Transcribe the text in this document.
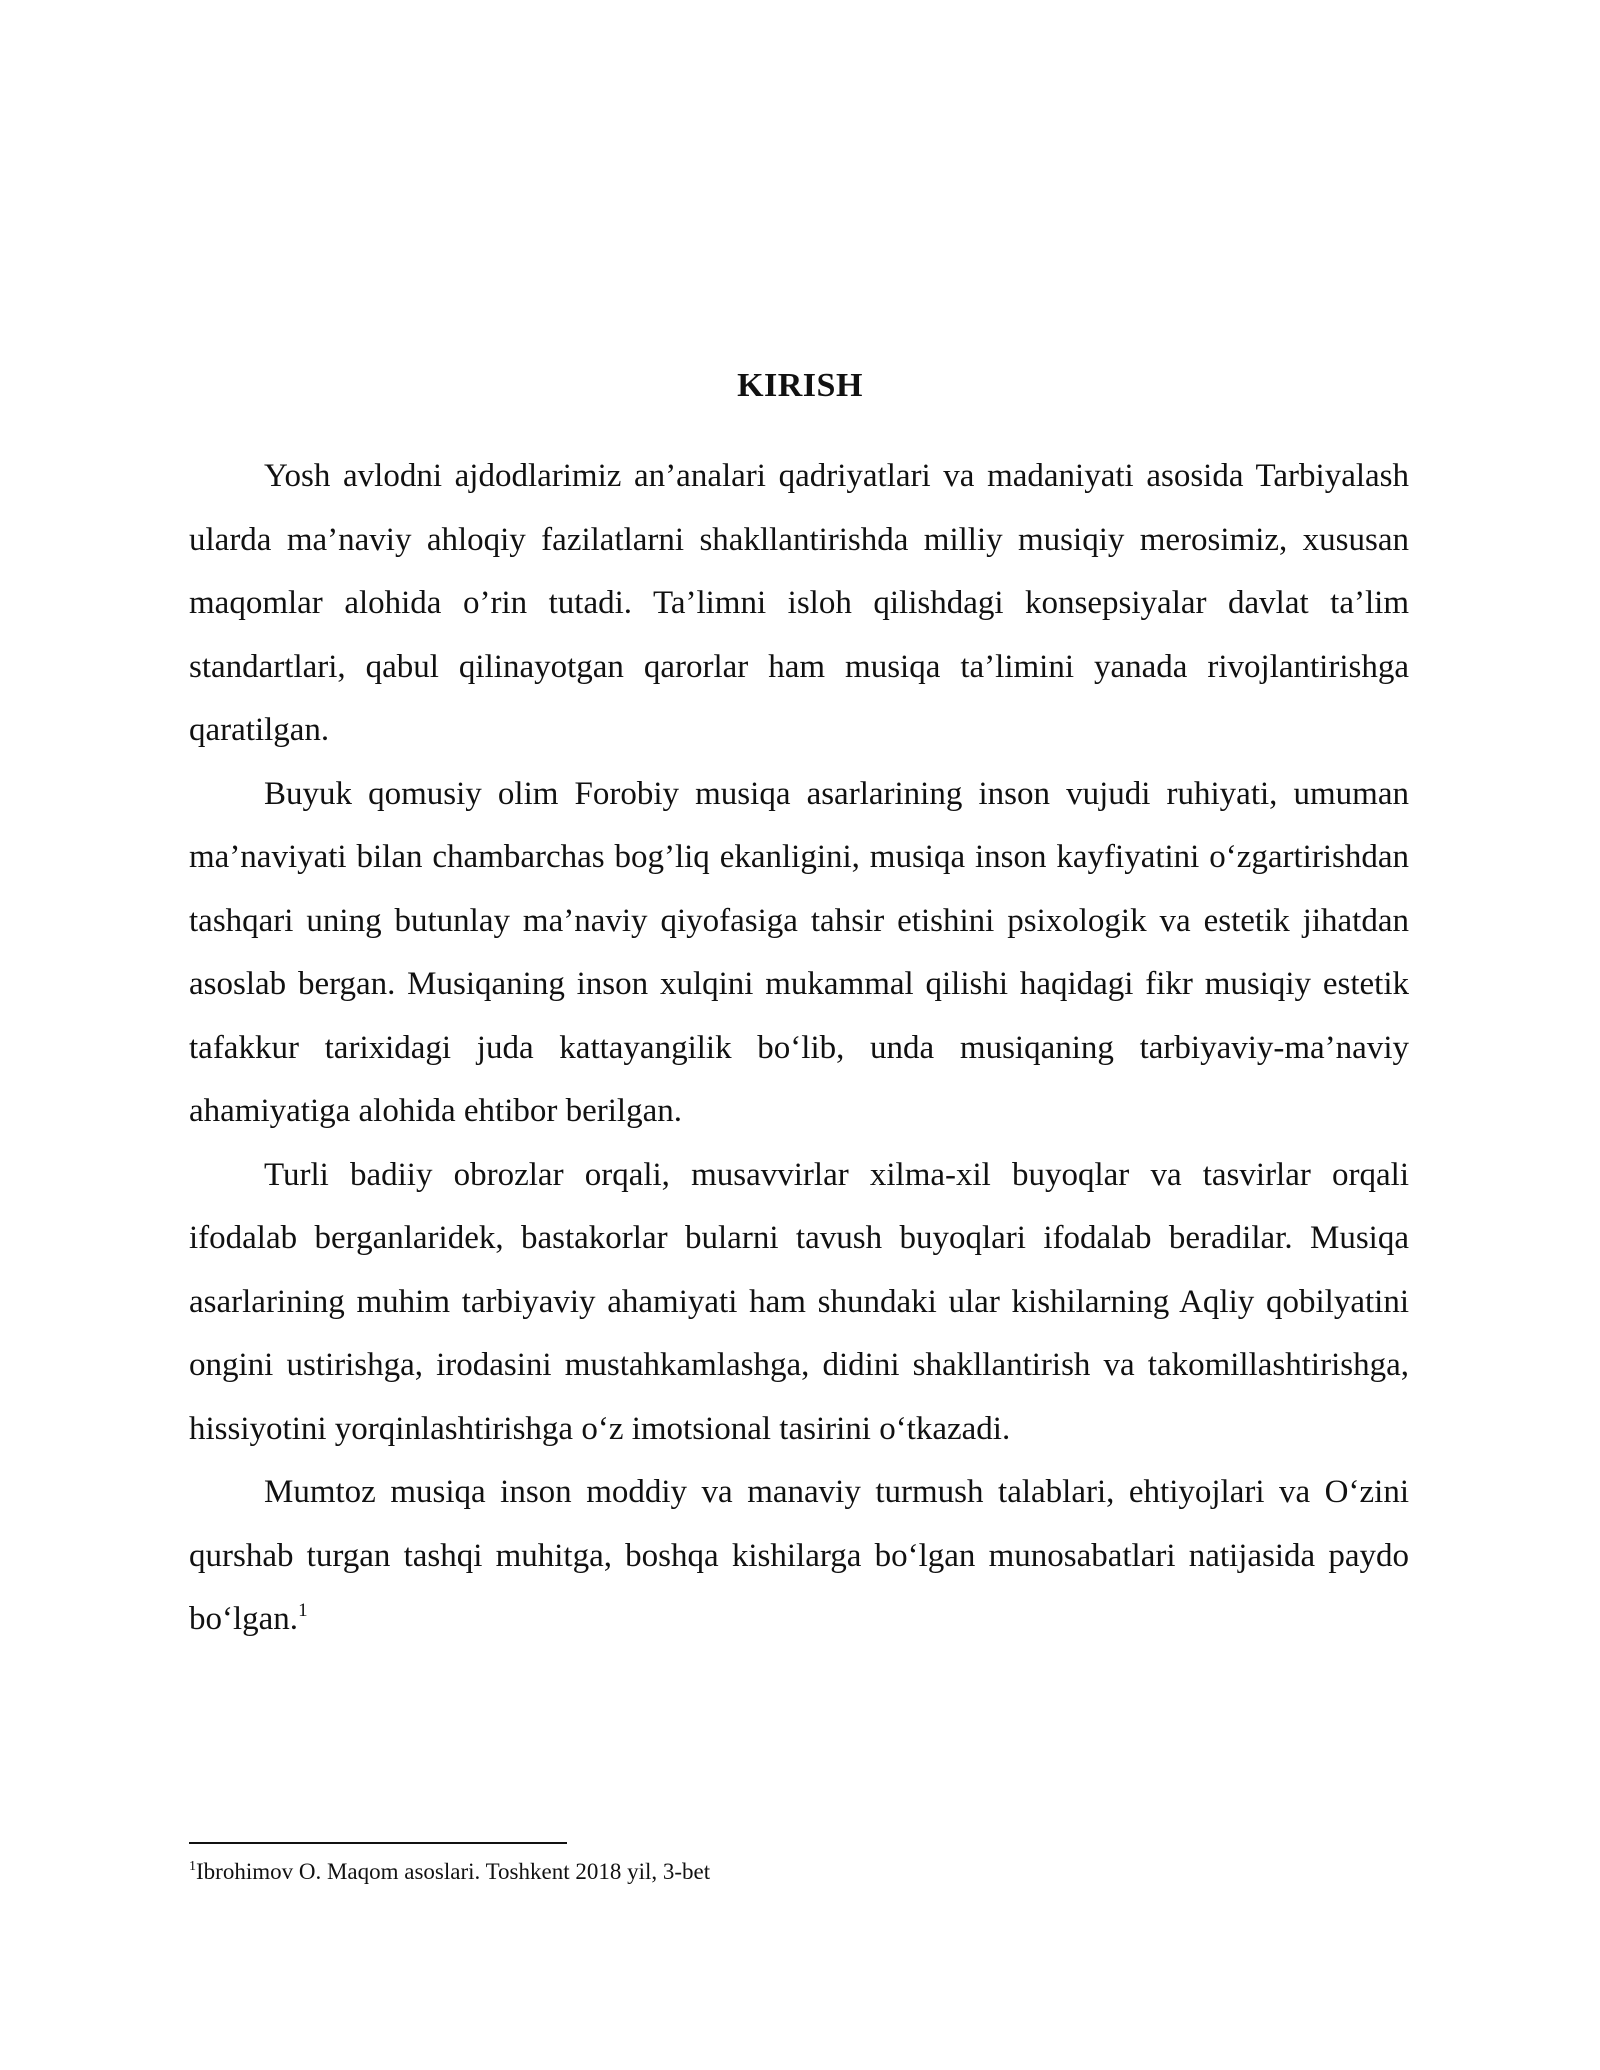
KIRISH

Yosh avlodni ajdodlarimiz an’analari qadriyatlari va madaniyati asosida Tarbiyalash ularda ma’naviy ahloqiy fazilatlarni shakllantirishda milliy musiqiy merosimiz, xususan maqomlar alohida o’rin tutadi. Ta’limni isloh qilishdagi konsepsiyalar davlat ta’lim standartlari, qabul qilinayotgan qarorlar ham musiqa ta’limini yanada rivojlantirishga qaratilgan.

Buyuk qomusiy olim Forobiy musiqa asarlarining inson vujudi ruhiyati, umuman ma’naviyati bilan chambarchas bog’liq ekanligini, musiqa inson kayfiyatini o‘zgartirishdan tashqari uning butunlay ma’naviy qiyofasiga tahsir etishini psixologik va estetik jihatdan asoslab bergan. Musiqaning inson xulqini mukammal qilishi haqidagi fikr musiqiy estetik tafakkur tarixidagi juda kattayangilik bo‘lib, unda musiqaning tarbiyaviy-ma’naviy ahamiyatiga alohida ehtibor berilgan.

Turli badiiy obrozlar orqali, musavvirlar xilma-xil buyoqlar va tasvirlar orqali ifodalab berganlaridek, bastakorlar bularni tavush buyoqlari ifodalab beradilar. Musiqa asarlarining muhim tarbiyaviy ahamiyati ham shundaki ular kishilarning Aqliy qobilyatini ongini ustirishga, irodasini mustahkamlashga, didini shakllantirish va takomillashtirishga, hissiyotini yorqinlashtirishga o‘z imotsional tasirini o‘tkazadi.

Mumtoz musiqa inson moddiy va manaviy turmush talablari, ehtiyojlari va O‘zini qurshab turgan tashqi muhitga, boshqa kishilarga bo‘lgan munosabatlari natijasida paydo bo‘lgan.$^1$

$^1$Ibrohimov O. Maqom asoslari. Toshkent 2018 yil, 3-bet
